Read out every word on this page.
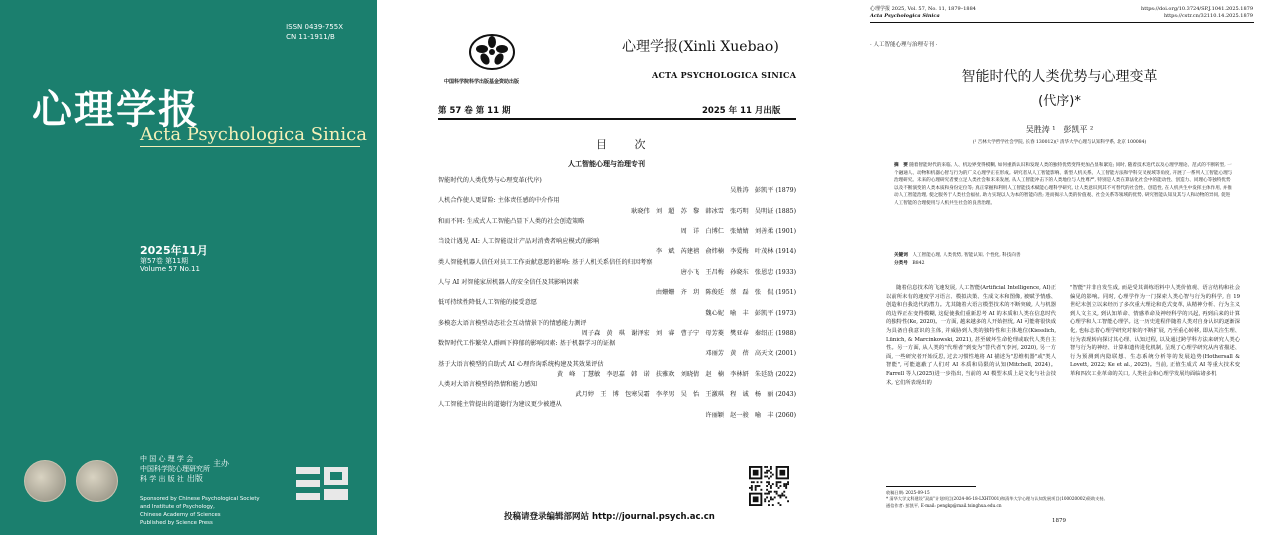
ISSN 0439-755X
CN 11-1911/B
心理学报
Acta Psychologica Sinica
2025年11月
第57卷 第11期
Volume 57 No.11
中 国 心 理 学 会
中国科学院心理研究所
主办
科 学 出 版 社 出版
Sponsored by Chinese Psychological Society
and Institute of Psychology,
Chinese Academy of Sciences
Published by Science Press
中国科学院科学出版基金资助出版
心理学报(Xinli Xuebao)
ACTA PSYCHOLOGICA SINICA
第 57 卷 第 11 期	2025 年 11 月出版
目 次
人工智能心理与治理专刊
智能时代的人类优势与心理变革(代序)
吴胜涛　彭凯平 (1879)
人机合作使人更冒险: 主体责任感的中介作用
耿晓伟　刘　超　苏　黎　韩冰雪　张巧明　吴明证 (1885)
和而不同: 生成式人工智能凸显下人类的社会创造策略
周　详　白博仁　张婧婧　刘善柔 (1901)
当设计遇见 AI: 人工智能设计产品对消费者响应模式的影响
李　斌　芮建禧　俞炜楠　李爱梅　叶茂林 (1914)
类人智能机器人信任对员工工作贡献意愿的影响: 基于人机关系信任的归因考察
唐小飞　王昌梅　孙晓东　张恩忠 (1933)
人与 AI 对智能家居机器人的安全信任及其影响因素
由姗姗　齐　玥　陈俊廷　蔡　磊　张　侃 (1951)
低可持续性降低人工智能的接受意愿
魏心妮　喻　丰　彭凯平 (1973)
多模态大语言模型动态社会互动情景下的情感能力测评
周子森　黄　琪　谢泽宏　刘　睿　曹子宁　母芳菱　樊亚春　秦绍正 (1988)
数智时代工作繁荣人群画下抑郁的影响因素: 基于机器学习的证据
邓丽芳　黄　蓓　高天文 (2001)
基于大语言模型的自助式 AI 心理咨询系统构建及其效果评估
黄　峰　丁慧敏　李思嘉　韩　诺　扶雅欢　刘晓倩　赵　楠　李林妍　朱廷劭 (2022)
人类对大语言模型的热情和能力感知
武月婷　王　博　包寒吴霜　李孝男　吴　怡　王激琪　程　诚　杨　丽 (2043)
人工智能主管提出的道德行为建议更少被遵从
许丽颖　赵一骏　喻　丰 (2060)
投稿请登录编辑部网站 http://journal.psych.ac.cn
心理学报 2025, Vol. 57, No. 11, 1879–1884
Acta Psychologica Sinica
https://doi.org/10.3724/SP.J.1041.2025.1879
https://cstr.cn/32110.14.2025.1879
· 人工智能心理与治理专刊 ·
智能时代的人类优势与心理变革
(代序)*
吴胜涛 ¹　彭凯平 ²
(¹ 吉林大学哲学社会学院, 长春 130012)(² 清华大学心理与认知科学系, 北京 100084)
摘　要 随着智能时代的来临, 人、机边界变得模糊, 如何重新认识和发现人类的独特优势变得更加凸显和紧迫; 同时, 随着技术迭代以及心理学理论、范式的不断转型, 一个融通人、动物和机器心智与行为的广义心理学正在形成。研究者从人工智能影响、新型人机关系、人工智能方法和学科交叉视域等角度, 开展了一系列人工智能心理与治理研究。未来的心理研究者要立足人类社会和未来发展, 从人工智能冲击下的人类地位与人性尊严, 特别是人类在算法化社会中的能动性、创造力、同理心等独特优势以及不断演变的人类本质和身份定位等; 真正掌握和利用人工智能技术赋能心理科学研究, 让人类意识到其不可替代的社会性、创造性, 在人机共生中发挥主体作用, 并推动人工智能治理, 使之服务于人类社会福祉, 助力实现以人为本的智能向善; 进而揭示人类的价值观、社会关系等领域的优势, 研究智能认知及其与人和动物的异同, 促进人工智能的合理使用与人机共生社会的良善治理。
关键词　 人工智能心理, 人类优势, 智能认知, 个性化, 科技向善
分类号　 B842
随着信息技术的飞速发展, 人工智能(Artificial Intelligence, AI)正以前所未有的速度学习语言、模拟决策、生成文本和图像, 被赋予情感、创造和自我迭代的潜力。尤其随着大语言模型技术的不断突破, 人与机器的边界正在变得模糊, 这促使我们重新思考 AI 的本质和人类在信息时代的独特性(Ke, 2020)。一方面, 越来越多的人开始担忧, AI 可能将很快成为具备自我意识的主体, 并威胁到人类的独特性和主体地位(Kiesslich, Lünich, & Marcinkowski, 2021), 甚至破坏生命伦理或取代人类自主性。另一方面, 从人类的"代理者"到变为"替代者"(李河, 2020), 另一方面, 一些研究者开始反思, 过去习惯性地将 AI 描述为"思维机器"或"类人智能", 可能遮蔽了人们对 AI 本质和局限的认知(Mitchell, 2024)。Farrell 等人(2025)进一步指出, 当前的 AI 模型本质上是文化与社会技术, 它们所表现出的
"智能"并非自发生成, 而是受其训练语料中人类价值观、语言结构和社会偏见的影响。同时, 心理学作为一门探索人类心智与行为的科学, 自 19 世纪末创立以来经历了多次重大理论和范式变革, 从精神分析、行为主义到人文主义, 到认知革命、情感革命及神经科学的兴起, 再到后来的计算心理学和人工智能心理学。这一历史进程伴随着人类对自身认识的逐渐深化, 也标志着心理学研究对象的不断扩展, 乃至重心转移, 即从关注生理、行为表现转向探讨其心理、认知过程, 以及通过跨学科方法来研究人类心智与行为的神经、计算和遗传进化机制, 呈现了心理学研究从内省描述、行为预测到内隐联想、生态系统分析等的发展趋势(Hothersall & Lovett, 2022; Ke et al., 2025)。当前, 正值生成式 AI 等重大技术变革和四次工业革命的关口, 人类社会和心理学发展均面临诸多机
收稿日期: 2025-09-15
* 清华大学文科建设"双高"计划项目(2024-06-18-LXHT001)和清华大学心理与认知发展项目(100020002)资助支持。
通信作者: 彭凯平, E-mail: pengkp@mail.tsinghua.edu.cn
1879
